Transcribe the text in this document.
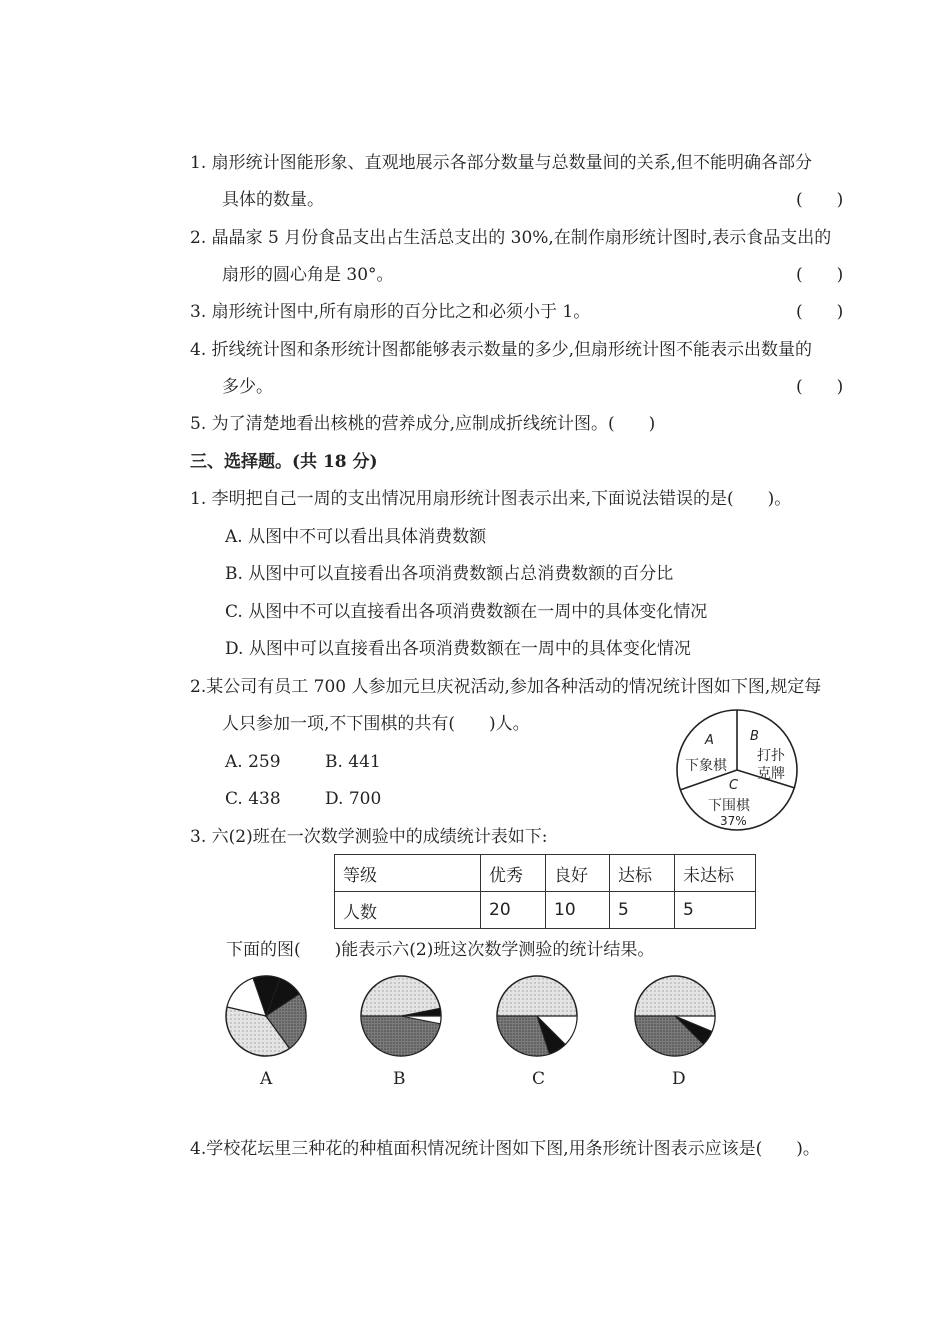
1. 扇形统计图能形象、直观地展示各部分数量与总数量间的关系,但不能明确各部分
具体的数量。	(　　)
2. 晶晶家 5 月份食品支出占生活总支出的 30%,在制作扇形统计图时,表示食品支出的
扇形的圆心角是 30°。	(　　)
3. 扇形统计图中,所有扇形的百分比之和必须小于 1。	(　　)
4. 折线统计图和条形统计图都能够表示数量的多少,但扇形统计图不能表示出数量的
多少。	(　　)
5. 为了清楚地看出核桃的营养成分,应制成折线统计图。(　　)
三、选择题。(共 18 分)
1. 李明把自己一周的支出情况用扇形统计图表示出来,下面说法错误的是(　　)。
A. 从图中不可以看出具体消费数额
B. 从图中可以直接看出各项消费数额占总消费数额的百分比
C. 从图中不可以直接看出各项消费数额在一周中的具体变化情况
D. 从图中可以直接看出各项消费数额在一周中的具体变化情况
2.某公司有员工 700 人参加元旦庆祝活动,参加各种活动的情况统计图如下图,规定每
人只参加一项,不下围棋的共有(　　)人。
A. 259	B. 441
C. 438	D. 700
A
下象棋
B
打扑
克牌
C
下围棋
37%
3. 六(2)班在一次数学测验中的成绩统计表如下:
等级	优秀	良好	达标	未达标
人数	20	10	5	5
下面的图(　　)能表示六(2)班这次数学测验的统计结果。
A	B	C	D
4.学校花坛里三种花的种植面积情况统计图如下图,用条形统计图表示应该是(　　)。
